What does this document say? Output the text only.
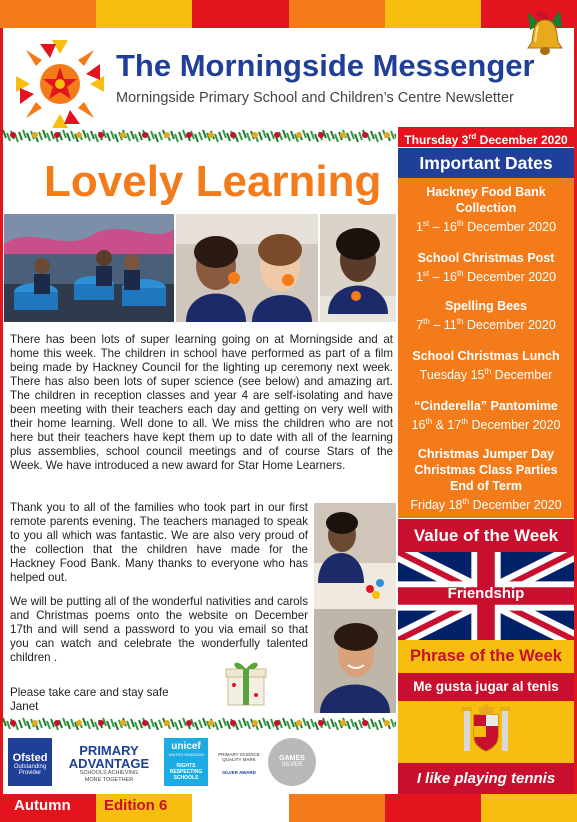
The Morningside Messenger
Morningside Primary School and Children’s Centre Newsletter
Thursday 3rd December 2020
Important Dates
Hackney Food Bank
Collection
1st – 16th December 2020
School Christmas Post
1st – 16th December 2020
Spelling Bees
7th – 11th December 2020
School Christmas Lunch
Tuesday 15th December
“Cinderella” Pantomime
16th & 17th December 2020
Christmas Jumper Day
Christmas Class Parties
End of Term
Friday 18th December 2020
Value of the Week
Friendship
Phrase of the Week
Me gusta jugar al tenis
I like playing tennis
Lovely Learning
There has been lots of super learning going on at Morningside and at home this week. The children in school have performed as part of a film being made by Hackney Council for the lighting up ceremony next week. There has also been lots of super science (see below) and amazing art. The children in reception classes and year 4 are self-isolating and have been meeting with their teachers each day and getting on very well with their home learning. Well done to all. We miss the children who are not here but their teachers have kept them up to date with all of the learning plus assemblies, school council meetings and of course Stars of the Week. We have introduced a new award for Star Home Learners.
Thank you to all of the families who took part in our first remote parents evening. The teachers managed to speak to you all which was fantastic. We are also very proud of the collection that the children have made for the Hackney Food Bank. Many thanks to everyone who has helped out.
We will be putting all of the wonderful nativities and carols and Christmas poems onto the website on December 17th and will send a password to you via email so that you can watch and celebrate the wonderfully talented children .
Please take care and stay safe
Janet
Ofsted
Outstanding
Provider
PRIMARY
ADVANTAGE
SCHOOLS ACHIEVING
MORE TOGETHER
unicef
UNITED KINGDOM
RIGHTS
RESPECTING
SCHOOLS
PRIMARY SCIENCE
QUALITY MARK
SILVER AWARD
GAMES
SILVER
Autumn Edition 6
